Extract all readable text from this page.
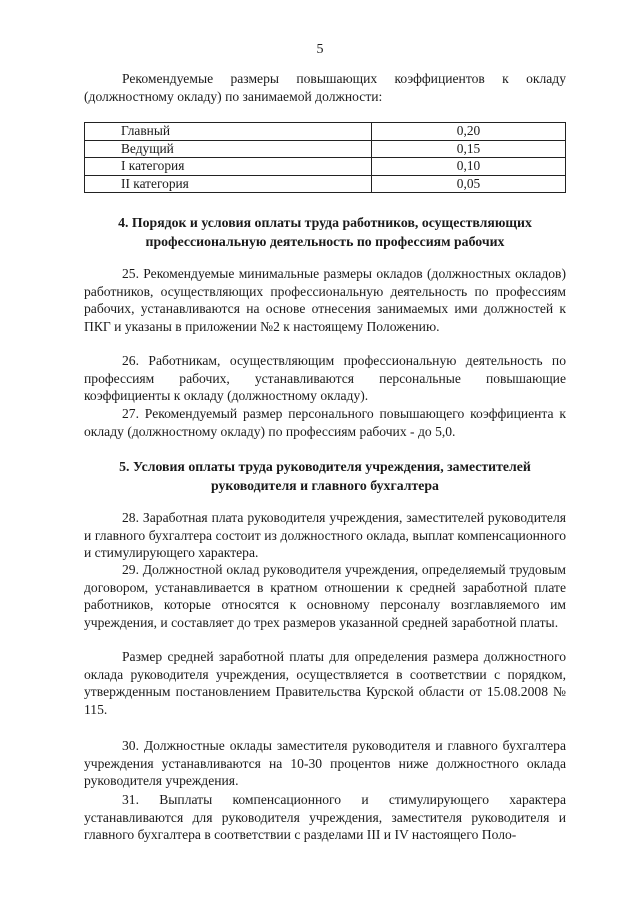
5

Рекомендуемые размеры повышающих коэффициентов к окладу (должностному окладу) по занимаемой должности:

Главный	0,20
Ведущий	0,15
I категория	0,10
II категория	0,05
4. Порядок и условия оплаты труда работников, осуществляющих профессиональную деятельность по профессиям рабочих

25. Рекомендуемые минимальные размеры окладов (должностных окладов) работников, осуществляющих профессиональную деятельность по профессиям рабочих, устанавливаются на основе отнесения занимаемых ими должностей к ПКГ и указаны в приложении №2 к настоящему Положению.

26. Работникам, осуществляющим профессиональную деятельность по профессиям рабочих, устанавливаются персональные повышающие коэффициенты к окладу (должностному окладу).

27. Рекомендуемый размер персонального повышающего коэффициента к окладу (должностному окладу) по профессиям рабочих - до 5,0.

5. Условия оплаты труда руководителя учреждения, заместителей руководителя и главного бухгалтера

28. Заработная плата руководителя учреждения, заместителей руководителя и главного бухгалтера состоит из должностного оклада, выплат компенсационного и стимулирующего характера.

29. Должностной оклад руководителя учреждения, определяемый трудовым договором, устанавливается в кратном отношении к средней заработной плате работников, которые относятся к основному персоналу возглавляемого им учреждения, и составляет до трех размеров указанной средней заработной платы.

Размер средней заработной платы для определения размера должностного оклада руководителя учреждения, осуществляется в соответствии с порядком, утвержденным постановлением Правительства Курской области от 15.08.2008 № 115.

30. Должностные оклады заместителя руководителя и главного бухгалтера учреждения устанавливаются на 10-30 процентов ниже должностного оклада руководителя учреждения.

31. Выплаты компенсационного и стимулирующего характера устанавливаются для руководителя учреждения, заместителя руководителя и главного бухгалтера в соответствии с разделами III и IV настоящего Поло-
